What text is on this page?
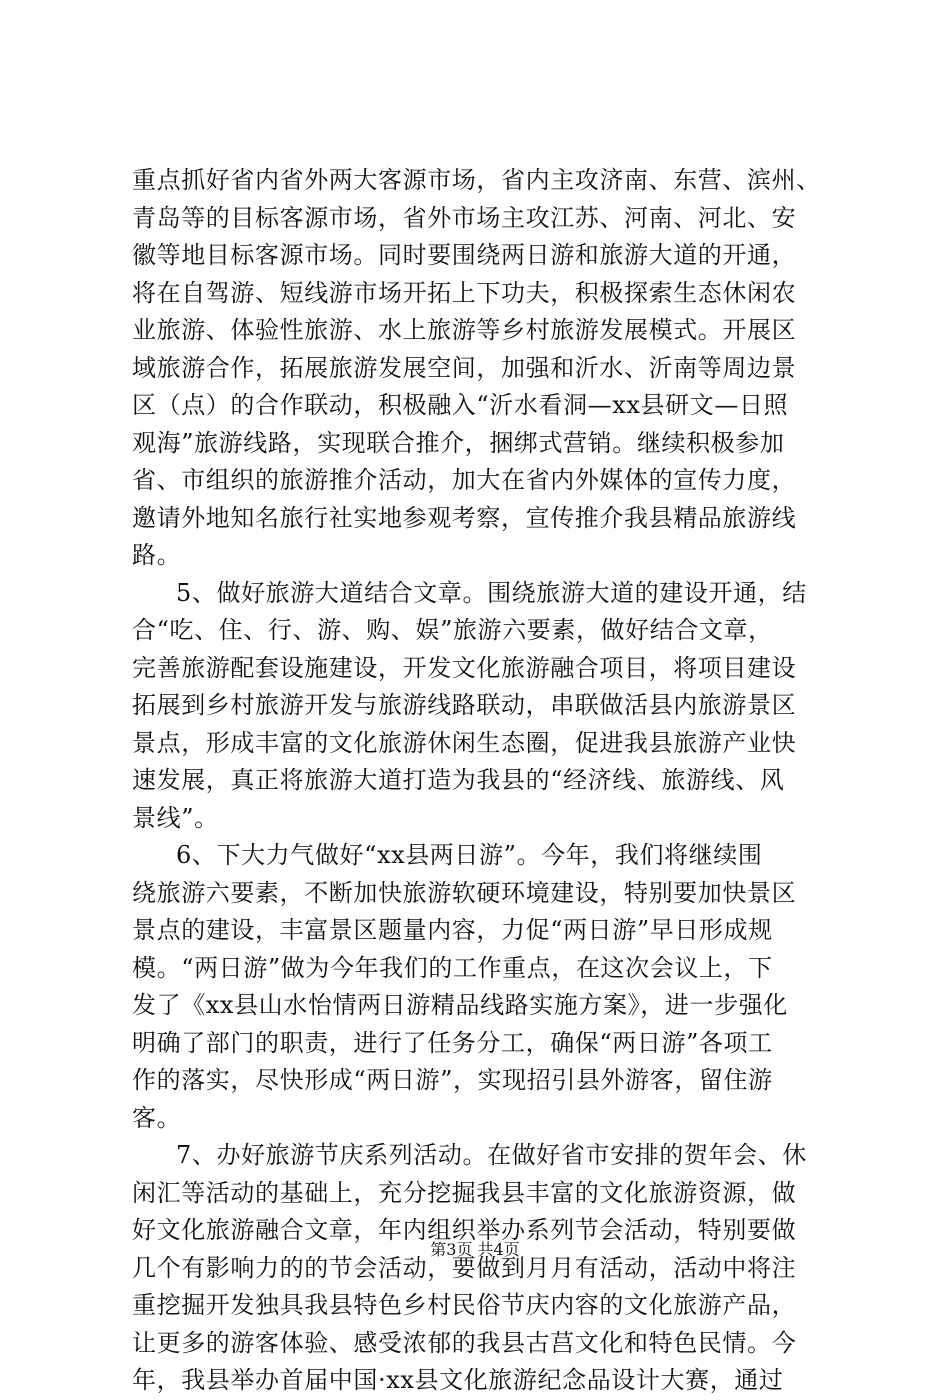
重点抓好省内省外两大客源市场，省内主攻济南、东营、滨州、
青岛等的目标客源市场，省外市场主攻江苏、河南、河北、安
徽等地目标客源市场。同时要围绕两日游和旅游大道的开通，
将在自驾游、短线游市场开拓上下功夫，积极探索生态休闲农
业旅游、体验性旅游、水上旅游等乡村旅游发展模式。开展区
域旅游合作，拓展旅游发展空间，加强和沂水、沂南等周边景
区（点）的合作联动，积极融入“沂水看洞—xx县研文—日照
观海”旅游线路，实现联合推介，捆绑式营销。继续积极参加
省、市组织的旅游推介活动，加大在省内外媒体的宣传力度，
邀请外地知名旅行社实地参观考察，宣传推介我县精品旅游线
路。
5、做好旅游大道结合文章。围绕旅游大道的建设开通，结
合“吃、住、行、游、购、娱”旅游六要素，做好结合文章，
完善旅游配套设施建设，开发文化旅游融合项目，将项目建设
拓展到乡村旅游开发与旅游线路联动，串联做活县内旅游景区
景点，形成丰富的文化旅游休闲生态圈，促进我县旅游产业快
速发展，真正将旅游大道打造为我县的“经济线、旅游线、风
景线”。
6、下大力气做好“xx县两日游”。今年，我们将继续围
绕旅游六要素，不断加快旅游软硬环境建设，特别要加快景区
景点的建设，丰富景区题量内容，力促“两日游”早日形成规
模。“两日游”做为今年我们的工作重点，在这次会议上，下
发了《xx县山水怡情两日游精品线路实施方案》，进一步强化
明确了部门的职责，进行了任务分工，确保“两日游”各项工
作的落实，尽快形成“两日游”，实现招引县外游客，留住游
客。
7、办好旅游节庆系列活动。在做好省市安排的贺年会、休
闲汇等活动的基础上，充分挖掘我县丰富的文化旅游资源，做
好文化旅游融合文章，年内组织举办系列节会活动，特别要做
几个有影响力的的节会活动，要做到月月有活动，活动中将注
重挖掘开发独具我县特色乡村民俗节庆内容的文化旅游产品，
让更多的游客体验、感受浓郁的我县古莒文化和特色民情。今
年，我县举办首届中国·xx县文化旅游纪念品设计大赛，通过
第3页 共4页
